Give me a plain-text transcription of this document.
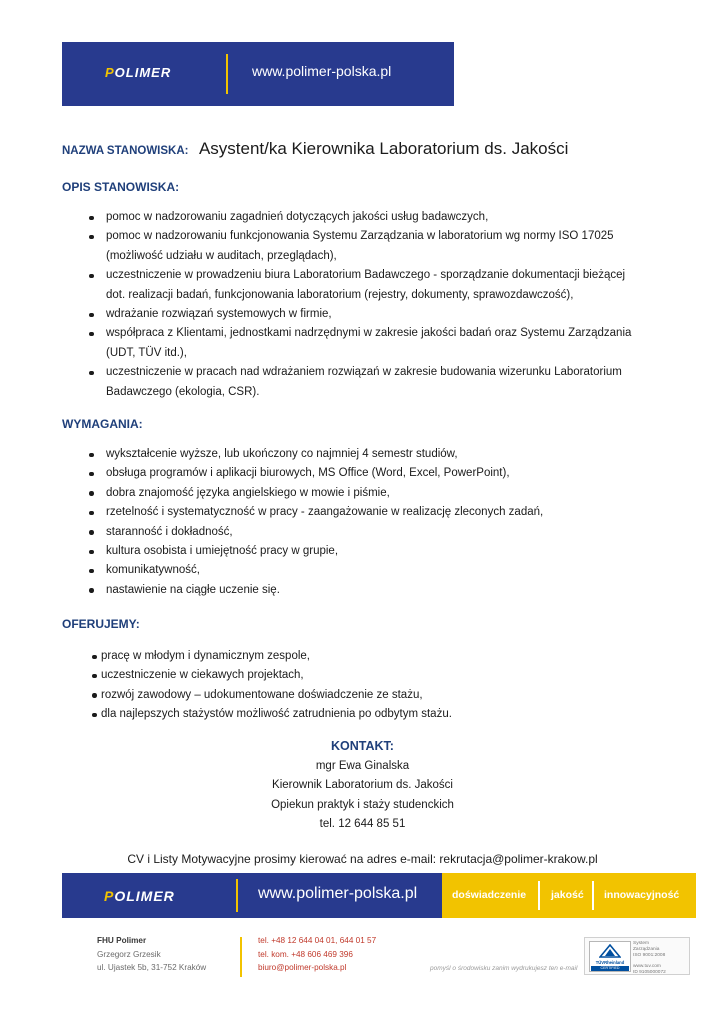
POLIMER	www.polimer-polska.pl
NAZWA STANOWISKA: Asystent/ka Kierownika Laboratorium ds. Jakości
OPIS STANOWISKA:
pomoc w nadzorowaniu zagadnień dotyczących jakości usług badawczych,
pomoc w nadzorowaniu funkcjonowania Systemu Zarządzania w laboratorium wg normy ISO 17025
(możliwość udziału w auditach, przeglądach),
uczestniczenie w prowadzeniu biura Laboratorium Badawczego - sporządzanie dokumentacji bieżącej
dot. realizacji badań, funkcjonowania laboratorium (rejestry, dokumenty, sprawozdawczość),
wdrażanie rozwiązań systemowych w firmie,
współpraca z Klientami, jednostkami nadrzędnymi w zakresie jakości badań oraz Systemu Zarządzania
(UDT, TÜV itd.),
uczestniczenie w pracach nad wdrażaniem rozwiązań w zakresie budowania wizerunku Laboratorium
Badawczego (ekologia, CSR).
WYMAGANIA:
wykształcenie wyższe, lub ukończony co najmniej 4 semestr studiów,
obsługa programów i aplikacji biurowych, MS Office (Word, Excel, PowerPoint),
dobra znajomość języka angielskiego w mowie i piśmie,
rzetelność i systematyczność w pracy - zaangażowanie w realizację zleconych zadań,
staranność i dokładność,
kultura osobista i umiejętność pracy w grupie,
komunikatywność,
nastawienie na ciągłe uczenie się.
OFERUJEMY:
pracę w młodym i dynamicznym zespole,
uczestniczenie w ciekawych projektach,
rozwój zawodowy – udokumentowane doświadczenie ze stażu,
dla najlepszych stażystów możliwość zatrudnienia po odbytym stażu.
KONTAKT:
mgr Ewa Ginalska
Kierownik Laboratorium ds. Jakości
Opiekun praktyk i staży studenckich
tel. 12 644 85 51
CV i Listy Motywacyjne prosimy kierować na adres e-mail: rekrutacja@polimer-krakow.pl
POLIMER	www.polimer-polska.pl	doświadczenie jakość innowacyjność
FHU Polimer
Grzegorz Grzesik
ul. Ujastek 5b, 31-752 Kraków
tel. +48 12 644 04 01, 644 01 57
tel. kom. +48 606 469 396
biuro@polimer-polska.pl	pomyśl o środowisku zanim wydrukujesz ten e-mail
TÜVRheinland
CERTIFIED
System
Zarządzania
ISO 9001:2008
www.tuv.com
ID 9105000072
